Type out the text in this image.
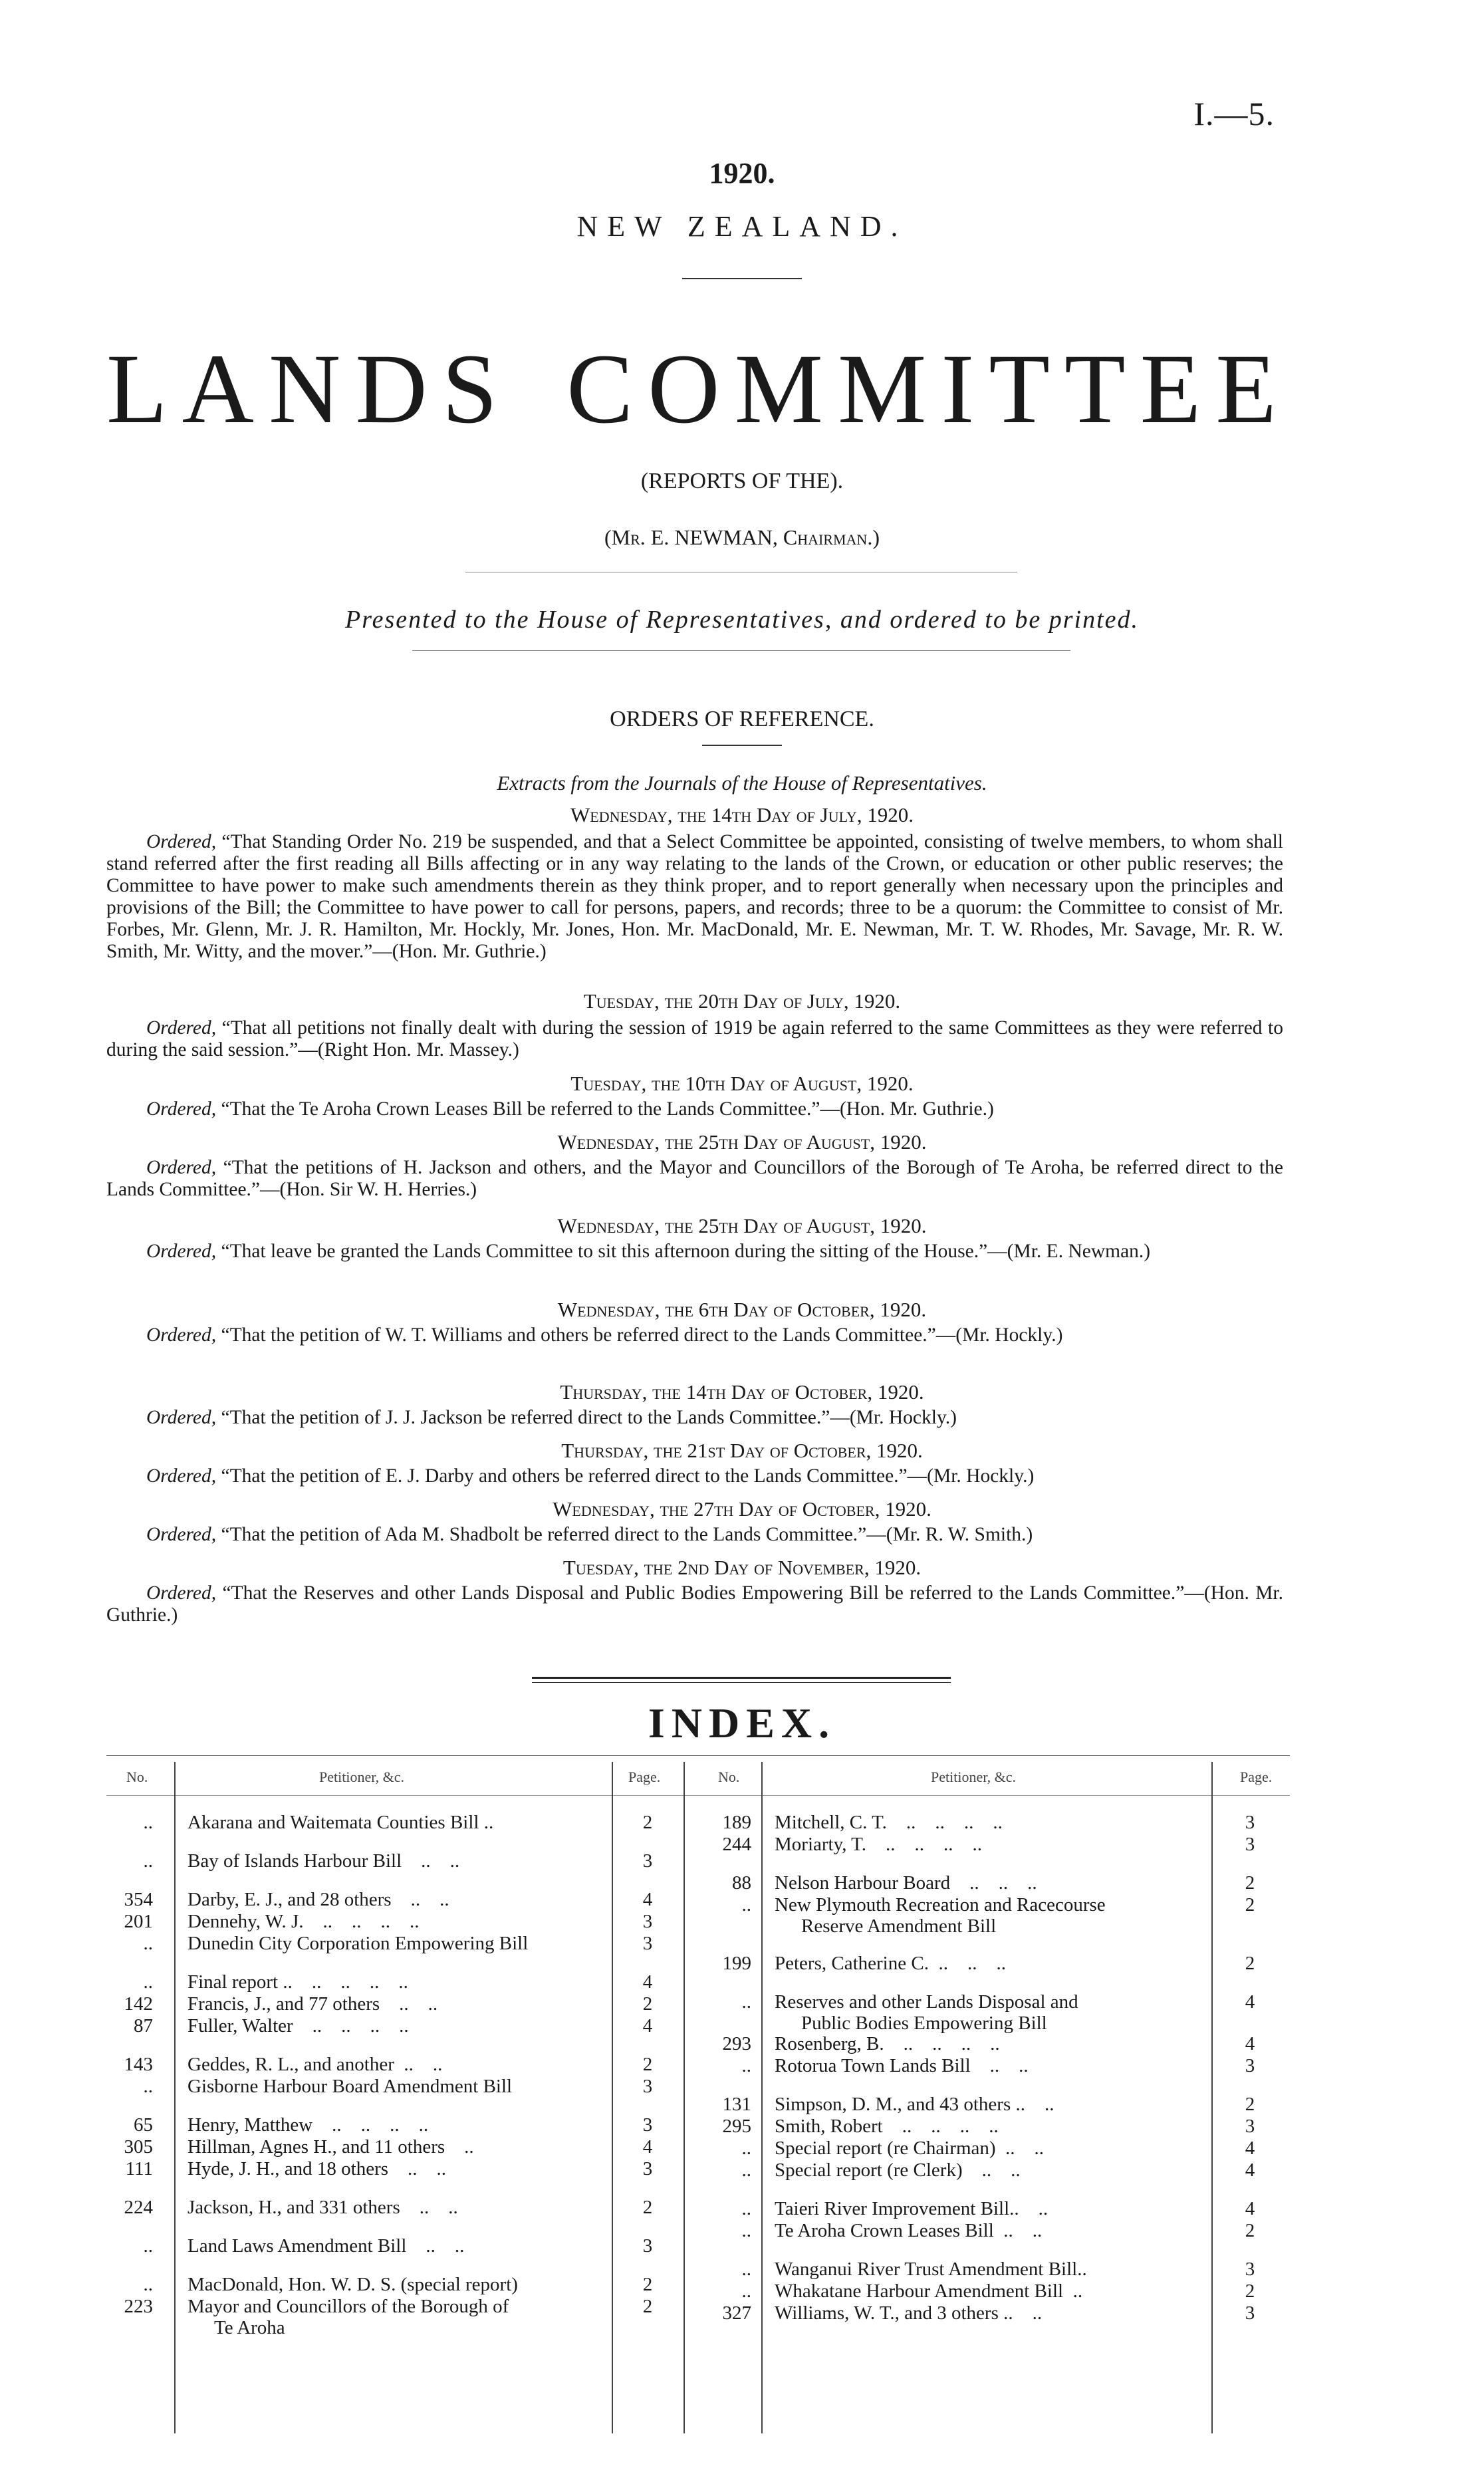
I.—5.
1920.
NEW ZEALAND.
L A N D S C O M M I T T E E
(REPORTS OF THE).
(Mr. E. NEWMAN, Chairman.)
Presented to the House of Representatives, and ordered to be printed.
ORDERS OF REFERENCE.
Extracts from the Journals of the House of Representatives.
Wednesday, the 14th Day of July, 1920.
Ordered, “That Standing Order No. 219 be suspended, and that a Select Committee be appointed, consisting of twelve members, to whom shall stand referred after the first reading all Bills affecting or in any way relating to the lands of the Crown, or education or other public reserves; the Committee to have power to make such amendments therein as they think proper, and to report generally when necessary upon the principles and provisions of the Bill; the Committee to have power to call for persons, papers, and records; three to be a quorum: the Committee to consist of Mr. Forbes, Mr. Glenn, Mr. J. R. Hamilton, Mr. Hockly, Mr. Jones, Hon. Mr. MacDonald, Mr. E. Newman, Mr. T. W. Rhodes, Mr. Savage, Mr. R. W. Smith, Mr. Witty, and the mover.”—(Hon. Mr. Guthrie.)
Tuesday, the 20th Day of July, 1920.
Ordered, “That all petitions not finally dealt with during the session of 1919 be again referred to the same Committees as they were referred to during the said session.”—(Right Hon. Mr. Massey.)
Tuesday, the 10th Day of August, 1920.
Ordered, “That the Te Aroha Crown Leases Bill be referred to the Lands Committee.”—(Hon. Mr. Guthrie.)
Wednesday, the 25th Day of August, 1920.
Ordered, “That the petitions of H. Jackson and others, and the Mayor and Councillors of the Borough of Te Aroha, be referred direct to the Lands Committee.”—(Hon. Sir W. H. Herries.)
Wednesday, the 25th Day of August, 1920.
Ordered, “That leave be granted the Lands Committee to sit this afternoon during the sitting of the House.”—(Mr. E. Newman.)
Wednesday, the 6th Day of October, 1920.
Ordered, “That the petition of W. T. Williams and others be referred direct to the Lands Committee.”—(Mr. Hockly.)
Thursday, the 14th Day of October, 1920.
Ordered, “That the petition of J. J. Jackson be referred direct to the Lands Committee.”—(Mr. Hockly.)
Thursday, the 21st Day of October, 1920.
Ordered, “That the petition of E. J. Darby and others be referred direct to the Lands Committee.”—(Mr. Hockly.)
Wednesday, the 27th Day of October, 1920.
Ordered, “That the petition of Ada M. Shadbolt be referred direct to the Lands Committee.”—(Mr. R. W. Smith.)
Tuesday, the 2nd Day of November, 1920.
Ordered, “That the Reserves and other Lands Disposal and Public Bodies Empowering Bill be referred to the Lands Committee.”—(Hon. Mr. Guthrie.)
INDEX.
No.	Petitioner, &c.	Page.	No.	Petitioner, &c.	Page.
.. Akarana and Waitemata Counties Bill ..	2
.. Bay of Islands Harbour Bill    ..    ..	3
354 Darby, E. J., and 28 others    ..    ..	4
201 Dennehy, W. J.    ..    ..    ..    ..	3
.. Dunedin City Corporation Empowering Bill	3
.. Final report ..    ..    ..    ..    ..	4
142 Francis, J., and 77 others    ..    ..	2
87 Fuller, Walter    ..    ..    ..    ..	4
143 Geddes, R. L., and another  ..    ..	2
.. Gisborne Harbour Board Amendment Bill	3
65 Henry, Matthew    ..    ..    ..    ..	3
305 Hillman, Agnes H., and 11 others    ..	4
111 Hyde, J. H., and 18 others    ..    ..	3
224 Jackson, H., and 331 others    ..    ..	2
.. Land Laws Amendment Bill    ..    ..	3
.. MacDonald, Hon. W. D. S. (special report)	2
223 Mayor and Councillors of the Borough of	2
Te Aroha
189 Mitchell, C. T.    ..    ..    ..    ..	3
244 Moriarty, T.    ..    ..    ..    ..	3
88 Nelson Harbour Board    ..    ..    ..	2
.. New Plymouth Recreation and Racecourse	2
Reserve Amendment Bill
199 Peters, Catherine C.  ..    ..    ..	2
.. Reserves and other Lands Disposal and	4
Public Bodies Empowering Bill
293 Rosenberg, B.    ..    ..    ..    ..	4
.. Rotorua Town Lands Bill    ..    ..	3
131 Simpson, D. M., and 43 others ..    ..	2
295 Smith, Robert    ..    ..    ..    ..	3
.. Special report (re Chairman)  ..    ..	4
.. Special report (re Clerk)    ..    ..	4
.. Taieri River Improvement Bill..    ..	4
.. Te Aroha Crown Leases Bill  ..    ..	2
.. Wanganui River Trust Amendment Bill..	3
.. Whakatane Harbour Amendment Bill  ..	2
327 Williams, W. T., and 3 others ..    ..	3
